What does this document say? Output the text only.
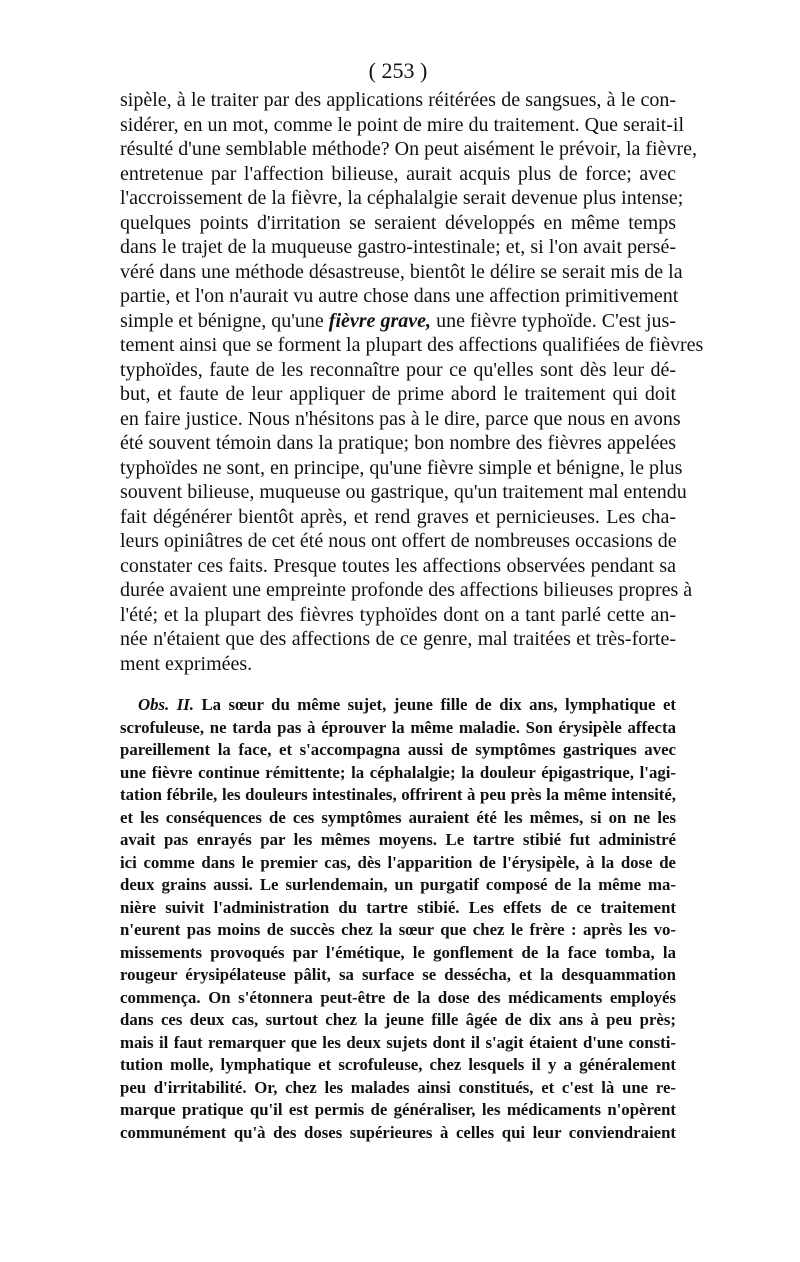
( 253 )

sipèle, à le traiter par des applications réitérées de sangsues, à le con-
sidérer, en un mot, comme le point de mire du traitement. Que serait-il
résulté d'une semblable méthode? On peut aisément le prévoir, la fièvre,
entretenue par l'affection bilieuse, aurait acquis plus de force; avec
l'accroissement de la fièvre, la céphalalgie serait devenue plus intense;
quelques points d'irritation se seraient développés en même temps
dans le trajet de la muqueuse gastro-intestinale; et, si l'on avait persé-
véré dans une méthode désastreuse, bientôt le délire se serait mis de la
partie, et l'on n'aurait vu autre chose dans une affection primitivement
simple et bénigne, qu'une fièvre grave, une fièvre typhoïde. C'est jus-
tement ainsi que se forment la plupart des affections qualifiées de fièvres
typhoïdes, faute de les reconnaître pour ce qu'elles sont dès leur dé-
but, et faute de leur appliquer de prime abord le traitement qui doit
en faire justice. Nous n'hésitons pas à le dire, parce que nous en avons
été souvent témoin dans la pratique; bon nombre des fièvres appelées
typhoïdes ne sont, en principe, qu'une fièvre simple et bénigne, le plus
souvent bilieuse, muqueuse ou gastrique, qu'un traitement mal entendu
fait dégénérer bientôt après, et rend graves et pernicieuses. Les cha-
leurs opiniâtres de cet été nous ont offert de nombreuses occasions de
constater ces faits. Presque toutes les affections observées pendant sa
durée avaient une empreinte profonde des affections bilieuses propres à
l'été; et la plupart des fièvres typhoïdes dont on a tant parlé cette an-
née n'étaient que des affections de ce genre, mal traitées et très-forte-
ment exprimées.

Obs. II. La sœur du même sujet, jeune fille de dix ans, lymphatique et
scrofuleuse, ne tarda pas à éprouver la même maladie. Son érysipèle affecta
pareillement la face, et s'accompagna aussi de symptômes gastriques avec
une fièvre continue rémittente; la céphalalgie; la douleur épigastrique, l'agi-
tation fébrile, les douleurs intestinales, offrirent à peu près la même intensité,
et les conséquences de ces symptômes auraient été les mêmes, si on ne les
avait pas enrayés par les mêmes moyens. Le tartre stibié fut administré
ici comme dans le premier cas, dès l'apparition de l'érysipèle, à la dose de
deux grains aussi. Le surlendemain, un purgatif composé de la même ma-
nière suivit l'administration du tartre stibié. Les effets de ce traitement
n'eurent pas moins de succès chez la sœur que chez le frère : après les vo-
missements provoqués par l'émétique, le gonflement de la face tomba, la
rougeur érysipélateuse pâlit, sa surface se dessécha, et la desquammation
commença. On s'étonnera peut-être de la dose des médicaments employés
dans ces deux cas, surtout chez la jeune fille âgée de dix ans à peu près;
mais il faut remarquer que les deux sujets dont il s'agit étaient d'une consti-
tution molle, lymphatique et scrofuleuse, chez lesquels il y a généralement
peu d'irritabilité. Or, chez les malades ainsi constitués, et c'est là une re-
marque pratique qu'il est permis de généraliser, les médicaments n'opèrent
communément qu'à des doses supérieures à celles qui leur conviendraient
